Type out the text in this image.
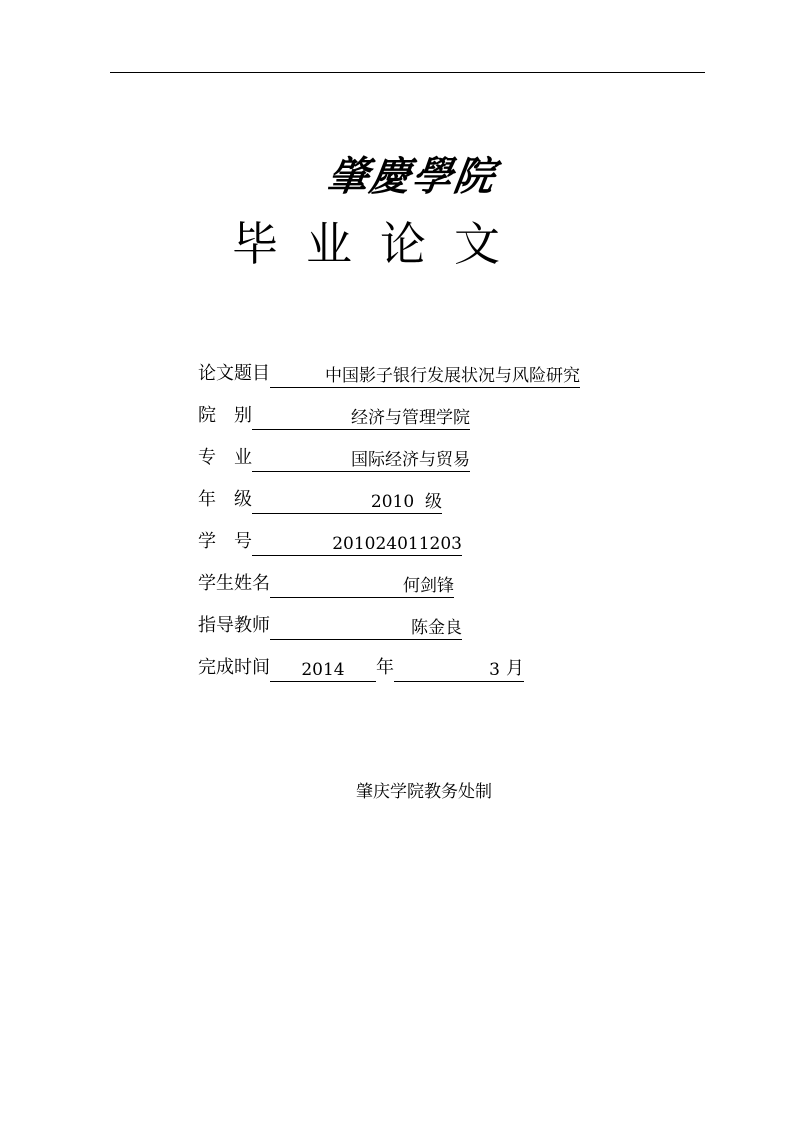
肇慶學院
毕业论文
论文题目	中国影子银行发展状况与风险研究
院　别	经济与管理学院
专　业	国际经济与贸易
年　级	2010  级
学　号	201024011203
学生姓名	何剑锋
指导教师	陈金良
完成时间 2014 年	3 月
肇庆学院教务处制
